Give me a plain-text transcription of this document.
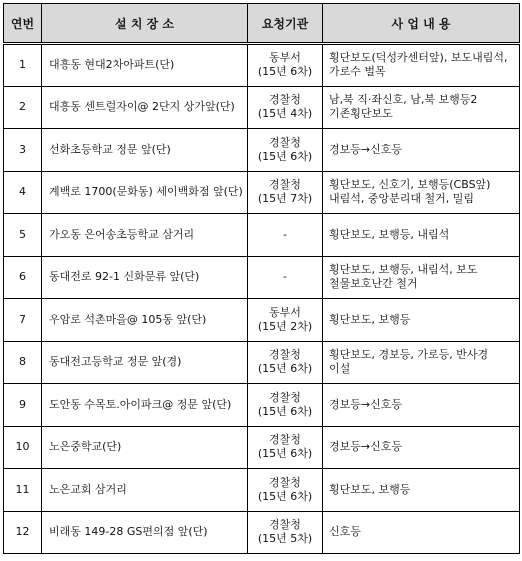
연번	설 치 장 소	요청기관	사 업 내 용
1	대흥동 현대2차아파트(단)	동부서
(15년 6차)	횡단보도(덕성카센터앞), 보도내림석,
가로수 벌목

2	대흥동 센트럴자이@ 2단지 상가앞(단)	경찰청
(15년 4차)	남,북 직·좌신호, 남,북 보행등2
기존횡단보도

3	선화초등학교 정문 앞(단)	경찰청
(15년 6차)	경보등→신호등

4	계백로 1700(문화동) 세이백화점 앞(단)	경찰청
(15년 7차)	횡단보도, 신호기, 보행등(CBS앞)
내림석, 중앙분리대 철거, 밀림

5	가오동 은어송초등학교 삼거리	-	횡단보도, 보행등, 내림석

6	동대전로 92-1 신화문류 앞(단)	-	횡단보도, 보행등, 내림석, 보도
철물보호난간 철거

7	우암로 석촌마을@ 105동 앞(단)	동부서
(15년 2차)	횡단보도, 보행등

8	동대전고등학교 정문 앞(경)	경찰청
(15년 6차)	횡단보도, 경보등, 가로등, 반사경
이설

9	도안동 수목토.아이파크@ 정문 앞(단)	경찰청
(15년 6차)	경보등→신호등

10	노은중학교(단)	경찰청
(15년 6차)	경보등→신호등

11	노은교회 삼거리	경찰청
(15년 6차)	횡단보도, 보행등

12	비래동 149-28 GS편의점 앞(단)	경찰청
(15년 5차)	신호등
